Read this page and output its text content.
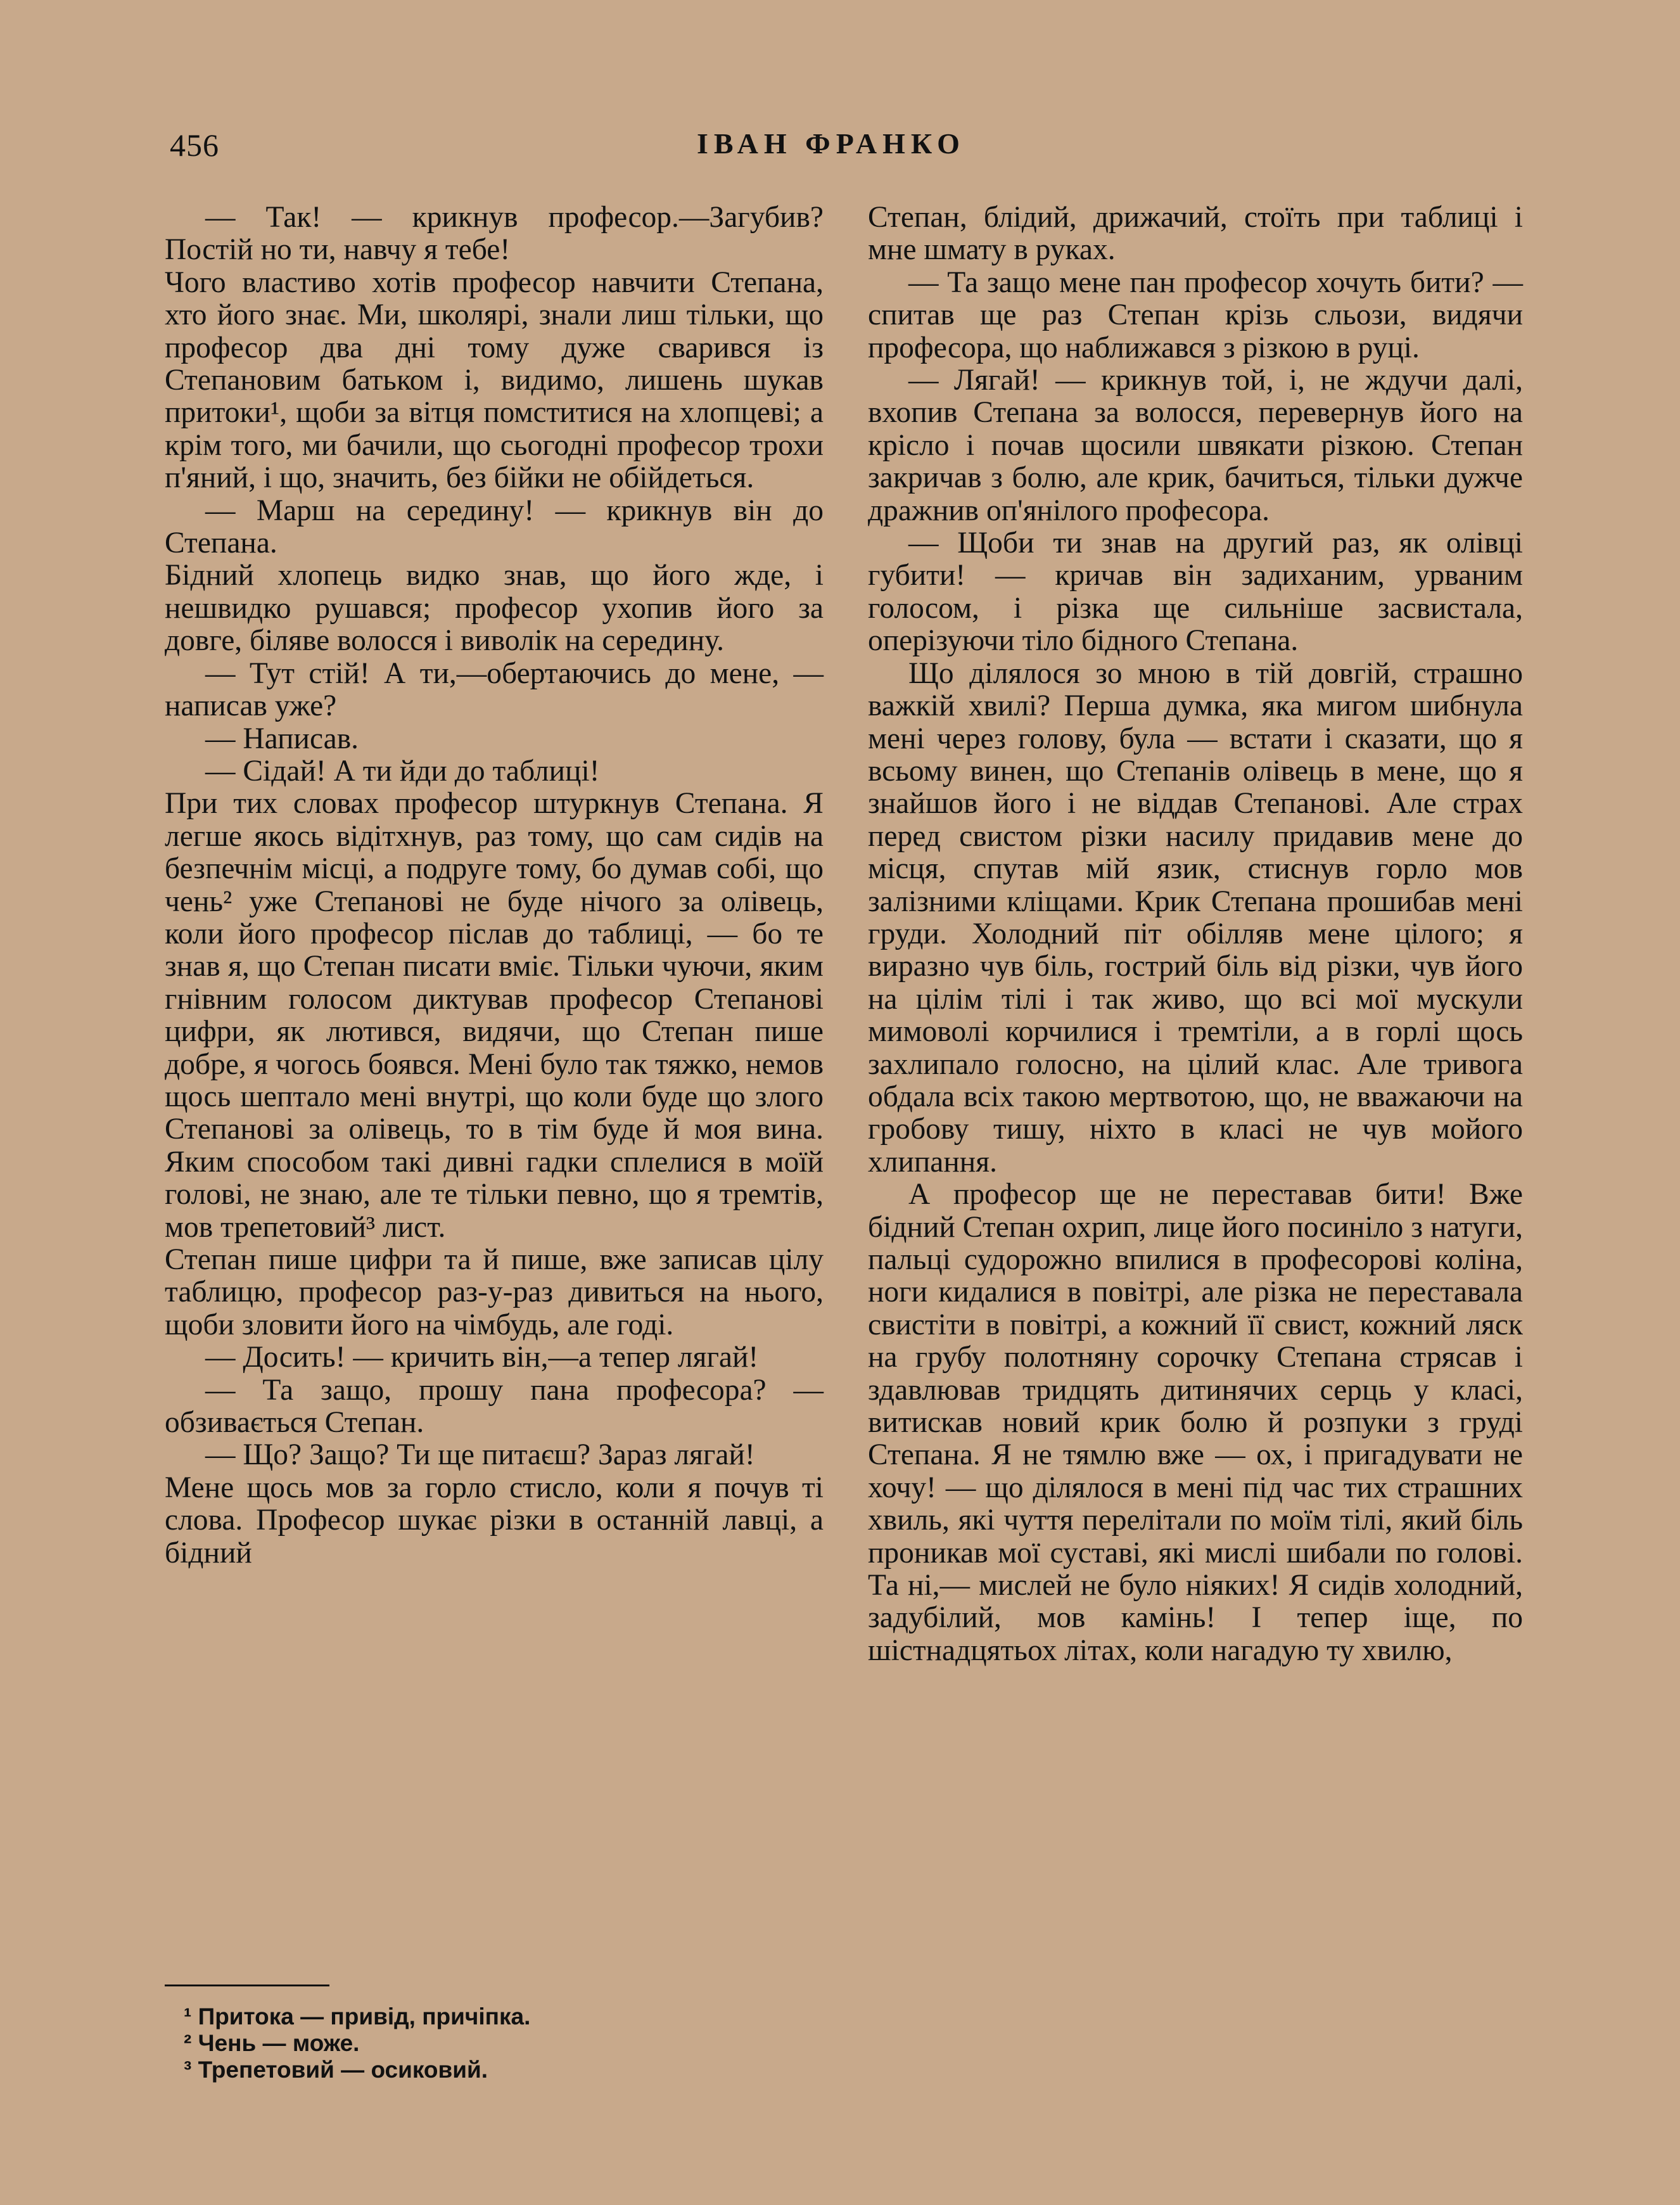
456	ІВАН ФРАНКО

— Так! — крикнув професор.—Загубив? Постій но ти, навчу я тебе!

Чого властиво хотів професор навчити Степана, хто його знає. Ми, школярі, знали лиш тільки, що професор два дні тому дуже сварився із Степановим батьком і, видимо, лишень шукав притоки¹, щоби за вітця помститися на хлопцеві; а крім того, ми бачили, що сьогодні професор трохи п'яний, і що, значить, без бійки не обійдеться.

— Марш на середину! — крикнув він до Степана.

Бідний хлопець видко знав, що його жде, і нешвидко рушався; професор ухопив його за довге, біляве волосся і виволік на середину.

— Тут стій! А ти,—обертаючись до мене, — написав уже?

— Написав.

— Сідай! А ти йди до таблиці!

При тих словах професор штуркнув Степана. Я легше якось відітхнув, раз тому, що сам сидів на безпечнім місці, а подруге тому, бо думав собі, що чень² уже Степанові не буде нічого за олівець, коли його професор післав до таблиці, — бо те знав я, що Степан писати вміє. Тільки чуючи, яким гнівним голосом диктував професор Степанові цифри, як лютився, видячи, що Степан пише добре, я чогось боявся. Мені було так тяжко, немов щось шептало мені внутрі, що коли буде що злого Степанові за олівець, то в тім буде й моя вина. Яким способом такі дивні гадки сплелися в моїй голові, не знаю, але те тільки певно, що я тремтів, мов трепетовий³ лист.

Степан пише цифри та й пише, вже записав цілу таблицю, професор раз-у-раз дивиться на нього, щоби зловити його на чімбудь, але годі.

— Досить! — кричить він,—а тепер лягай!

— Та защо, прошу пана професора? — обзивається Степан.

— Що? Защо? Ти ще питаєш? Зараз лягай!

Мене щось мов за горло стисло, коли я почув ті слова. Професор шукає різки в останній лавці, а бідний

Степан, блідий, дрижачий, стоїть при таблиці і мне шмату в руках.

— Та защо мене пан професор хочуть бити? — спитав ще раз Степан крізь сльози, видячи професора, що наближався з різкою в руці.

— Лягай! — крикнув той, і, не ждучи далі, вхопив Степана за волосся, перевернув його на крісло і почав щосили швякати різкою. Степан закричав з болю, але крик, бачиться, тільки дужче дражнив оп'янілого професора.

— Щоби ти знав на другий раз, як олівці губити! — кричав він задиханим, урваним голосом, і різка ще сильніше засвистала, оперізуючи тіло бідного Степана.

Що ділялося зо мною в тій довгій, страшно важкій хвилі? Перша думка, яка мигом шибнула мені через голову, була — встати і сказати, що я всьому винен, що Степанів олівець в мене, що я знайшов його і не віддав Степанові. Але страх перед свистом різки насилу придавив мене до місця, спутав мій язик, стиснув горло мов залізними кліщами. Крик Степана прошибав мені груди. Холодний піт обілляв мене цілого; я виразно чув біль, гострий біль від різки, чув його на цілім тілі і так живо, що всі мої мускули мимоволі корчилися і тремтіли, а в горлі щось захлипало голосно, на цілий клас. Але тривога обдала всіх такою мертвотою, що, не вважаючи на гробову тишу, ніхто в класі не чув мойого хлипання.

А професор ще не переставав бити! Вже бідний Степан охрип, лице його посиніло з натуги, пальці судорожно впилися в професорові коліна, ноги кидалися в повітрі, але різка не переставала свистіти в повітрі, а кожний її свист, кожний ляск на грубу полотняну сорочку Степана стрясав і здавлював тридцять дитинячих серць у класі, витискав новий крик болю й розпуки з груді Степана. Я не тямлю вже — ох, і пригадувати не хочу! — що ділялося в мені під час тих страшних хвиль, які чуття перелітали по моїм тілі, який біль проникав мої суставі, які мислі шибали по голові. Та ні,— мислей не було ніяких! Я сидів холодний, задубілий, мов камінь! І тепер іще, по шістнадцятьох літах, коли нагадую ту хвилю,

¹ Притока — привід, причіпка.
² Чень — може.
³ Трепетовий — осиковий.
